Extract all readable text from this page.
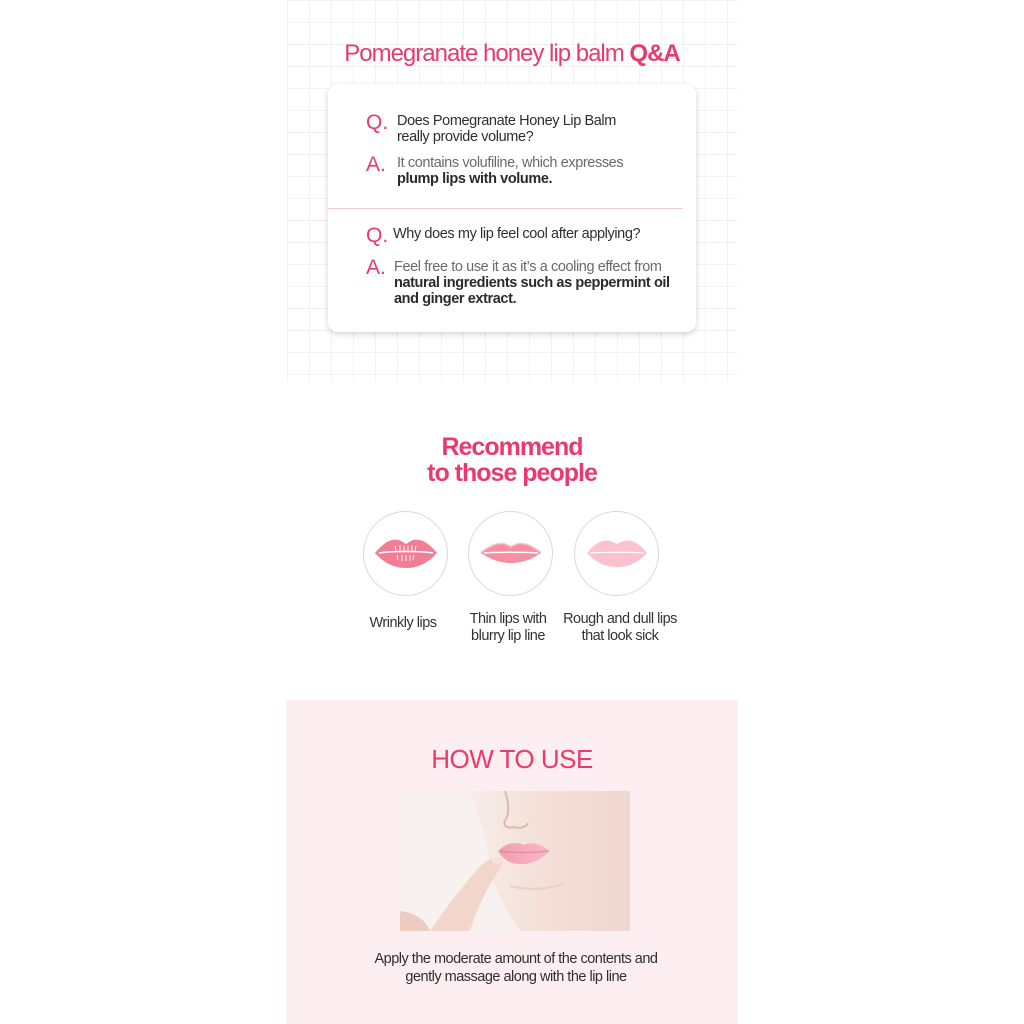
Pomegranate honey lip balm Q&A
Q. Does Pomegranate Honey Lip Balm
really provide volume?
A. It contains volufiline, which expresses
plump lips with volume.
Q. Why does my lip feel cool after applying?
A. Feel free to use it as it’s a cooling effect from
natural ingredients such as peppermint oil
and ginger extract.
Recommend
to those people
Wrinkly lips	Thin lips with
blurry lip line
Rough and dull lips
that look sick
HOW TO USE
Apply the moderate amount of the contents and
gently massage along with the lip line
